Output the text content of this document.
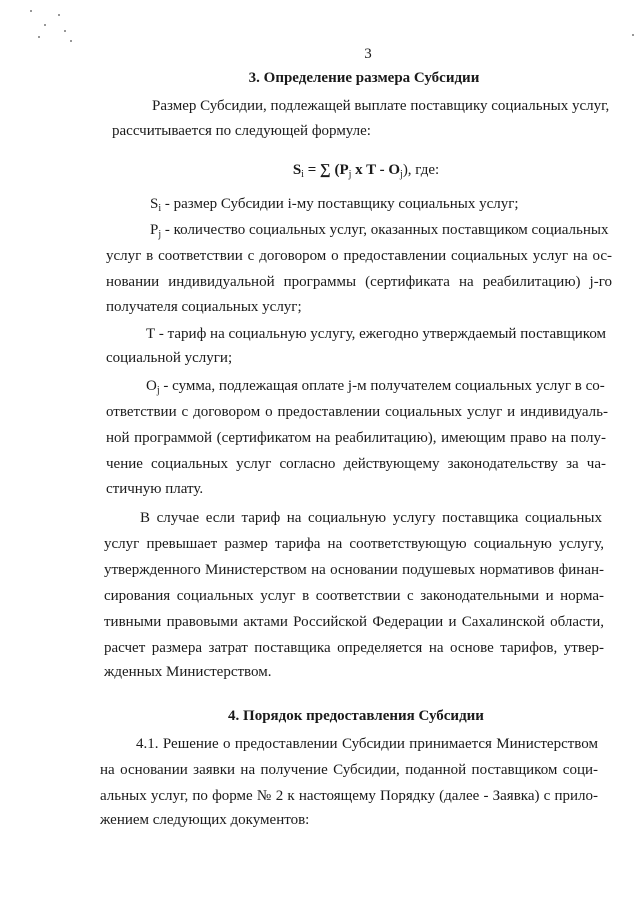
3
3. Определение размера Субсидии
Размер Субсидии, подлежащей выплате поставщику социальных услуг,
рассчитывается по следующей формуле:
$S_i$ = ∑ ($P_j$ x T - $O_j$), где:
$S_i$ - размер Субсидии i-му поставщику социальных услуг;
$P_j$ - количество социальных услуг, оказанных поставщиком социальных
услуг в соответствии с договором о предоставлении социальных услуг на ос-
новании индивидуальной программы (сертификата на реабилитацию) j-го
получателя социальных услуг;
Т - тариф на социальную услугу, ежегодно утверждаемый поставщиком
социальной услуги;
$O_j$ - сумма, подлежащая оплате j-м получателем социальных услуг в со-
ответствии с договором о предоставлении социальных услуг и индивидуаль-
ной программой (сертификатом на реабилитацию), имеющим право на полу-
чение социальных услуг согласно действующему законодательству за ча-
стичную плату.
В случае если тариф на социальную услугу поставщика социальных
услуг превышает размер тарифа на соответствующую социальную услугу,
утвержденного Министерством на основании подушевых нормативов финан-
сирования социальных услуг в соответствии с законодательными и норма-
тивными правовыми актами Российской Федерации и Сахалинской области,
расчет размера затрат поставщика определяется на основе тарифов, утвер-
жденных Министерством.
4. Порядок предоставления Субсидии
4.1. Решение о предоставлении Субсидии принимается Министерством
на основании заявки на получение Субсидии, поданной поставщиком соци-
альных услуг, по форме № 2 к настоящему Порядку (далее - Заявка) с прило-
жением следующих документов:
